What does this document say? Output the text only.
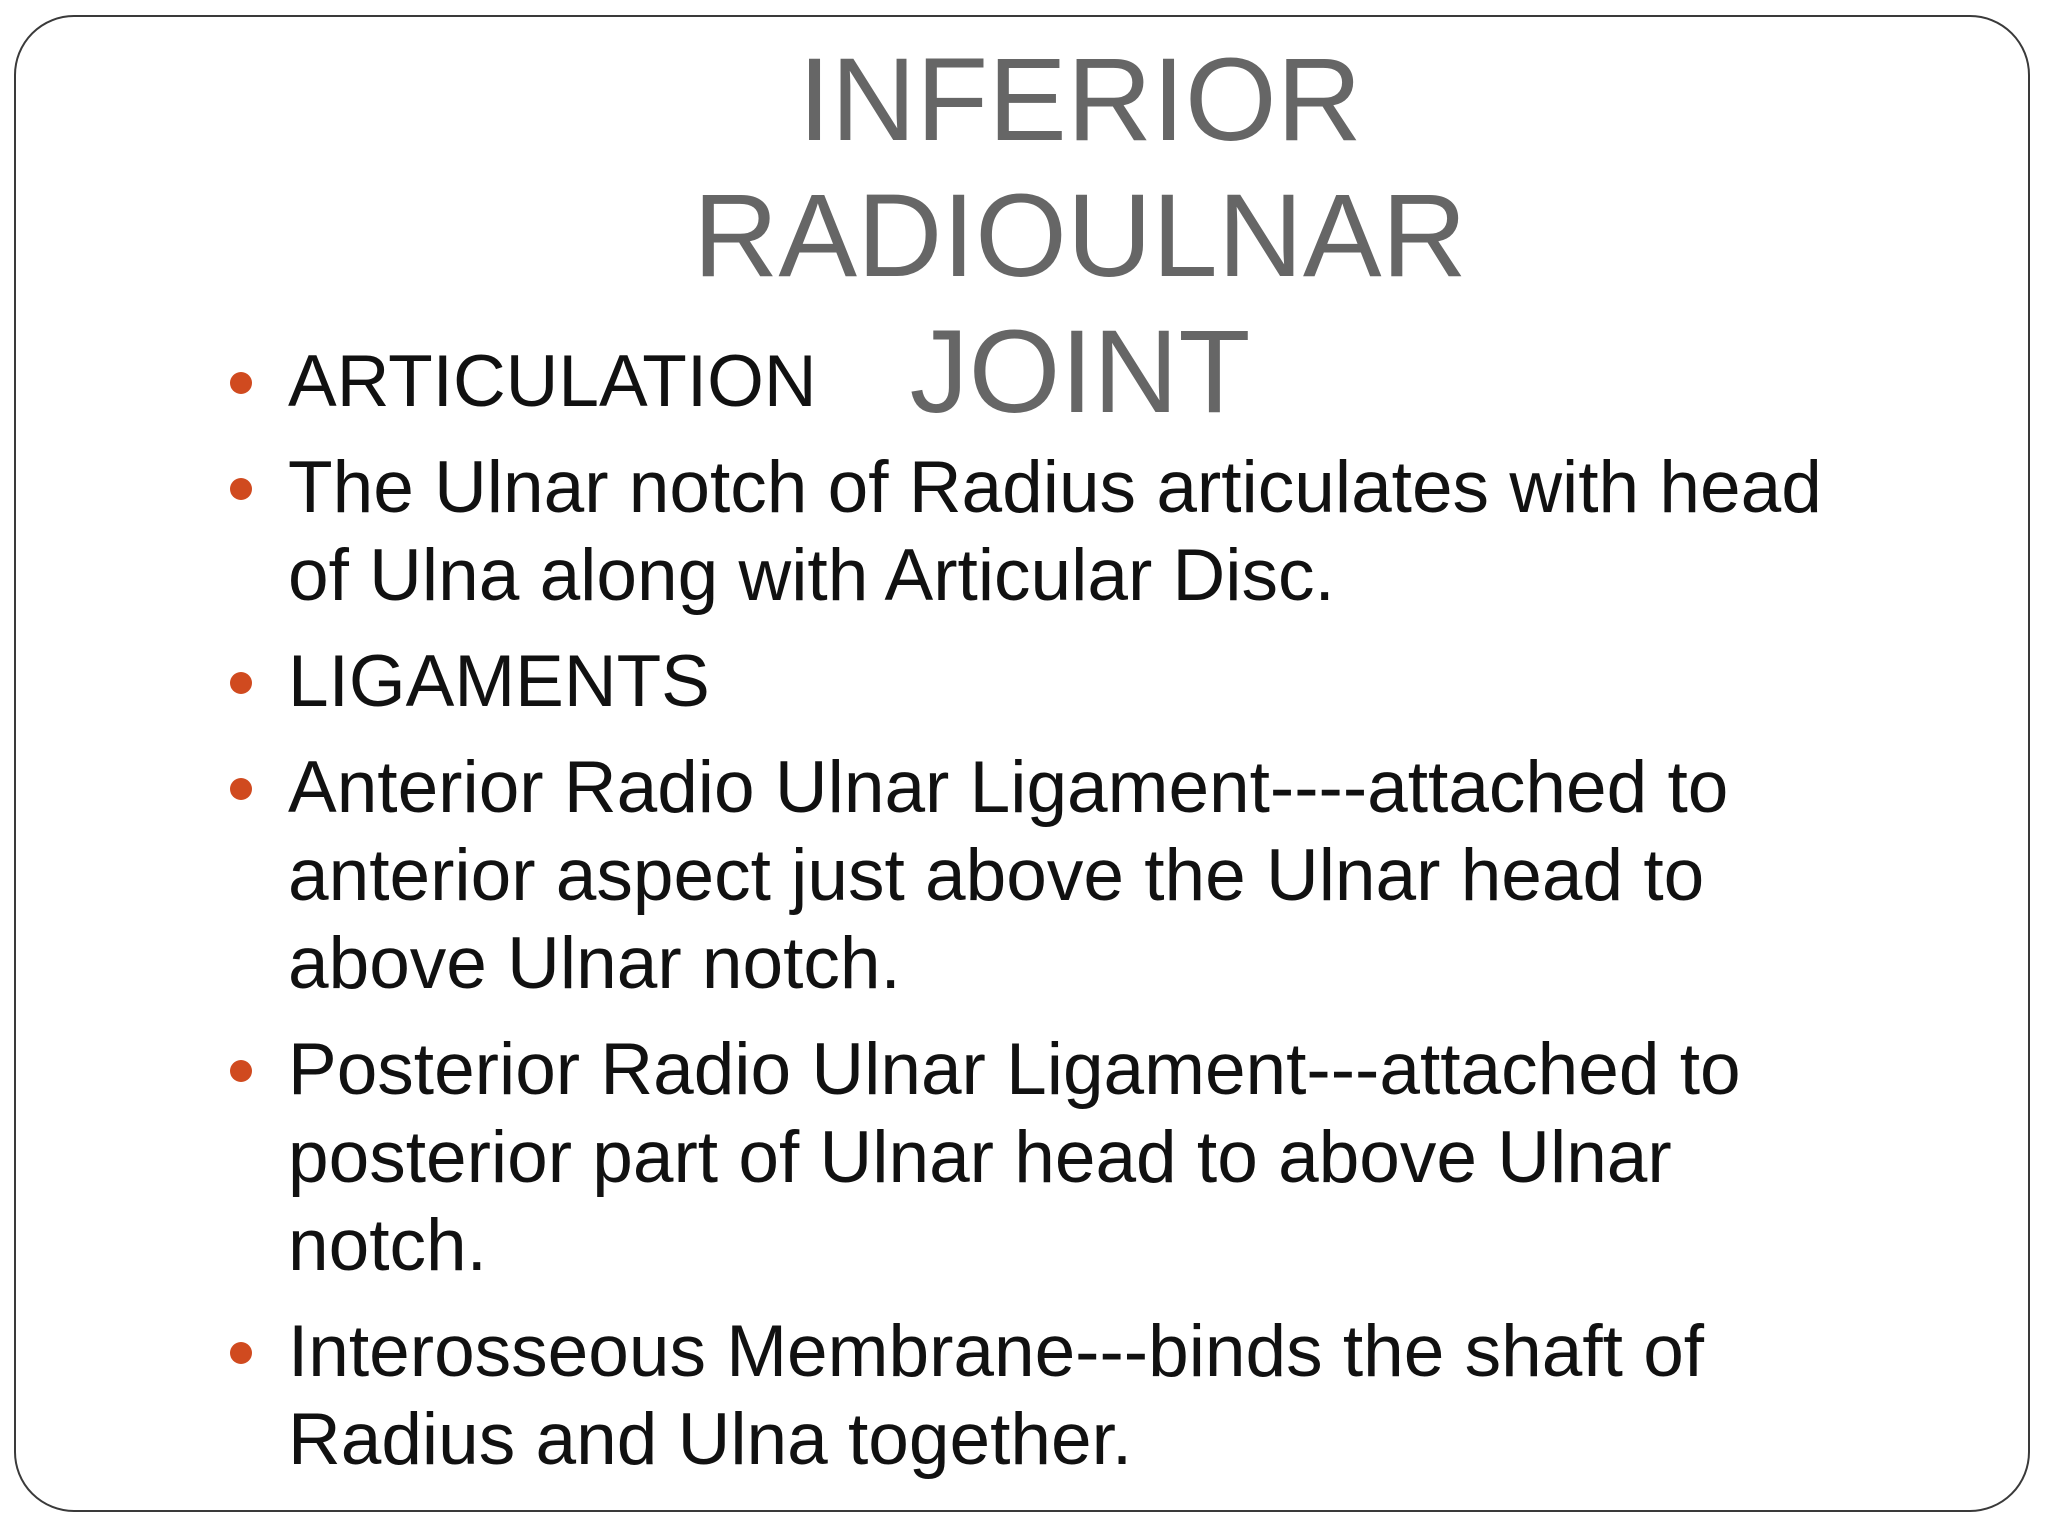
INFERIOR RADIOULNAR
JOINT
ARTICULATION
The Ulnar notch of Radius articulates with head of Ulna along with Articular Disc.
LIGAMENTS
Anterior Radio Ulnar Ligament----attached to anterior aspect just above the Ulnar head to above Ulnar notch.
Posterior Radio Ulnar Ligament---attached to posterior part of Ulnar head to above Ulnar notch.
Interosseous Membrane---binds the shaft of Radius and Ulna together.
